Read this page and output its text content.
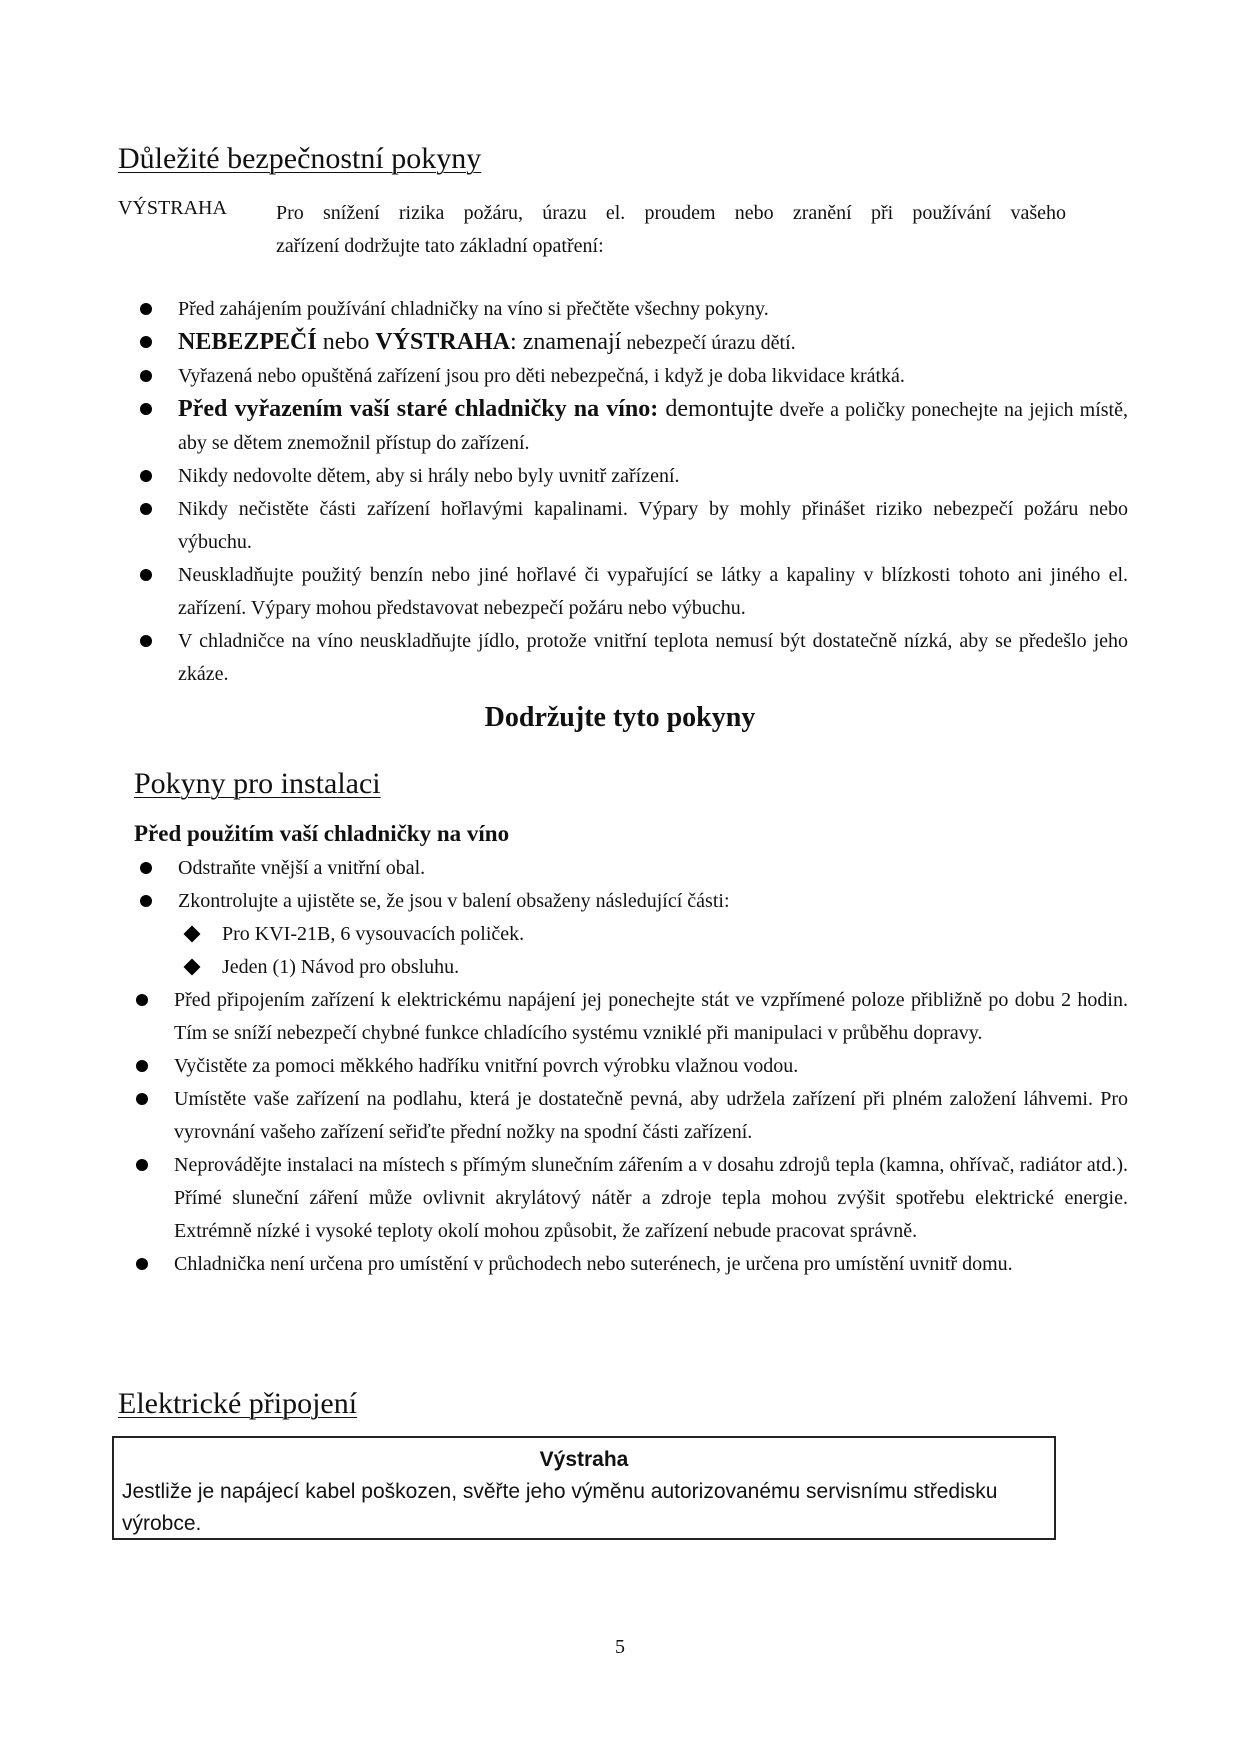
Důležité bezpečnostní pokyny
VÝSTRAHA Pro snížení rizika požáru, úrazu el. proudem nebo zranění při používání vašeho
zařízení dodržujte tato základní opatření:
Před zahájením používání chladničky na víno si přečtěte všechny pokyny.
NEBEZPEČÍ nebo VÝSTRAHA: znamenají nebezpečí úrazu dětí.
Vyřazená nebo opuštěná zařízení jsou pro děti nebezpečná, i když je doba likvidace krátká.
Před vyřazením vaší staré chladničky na víno: demontujte dveře a poličky ponechejte na jejich místě, aby se dětem znemožnil přístup do zařízení.
Nikdy nedovolte dětem, aby si hrály nebo byly uvnitř zařízení.
Nikdy nečistěte části zařízení hořlavými kapalinami. Výpary by mohly přinášet riziko nebezpečí požáru nebo výbuchu.
Neuskladňujte použitý benzín nebo jiné hořlavé či vypařující se látky a kapaliny v blízkosti tohoto ani jiného el. zařízení. Výpary mohou představovat nebezpečí požáru nebo výbuchu.
V chladničce na víno neuskladňujte jídlo, protože vnitřní teplota nemusí být dostatečně nízká, aby se předešlo jeho zkáze.
Dodržujte tyto pokyny
Pokyny pro instalaci
Před použitím vaší chladničky na víno
Odstraňte vnější a vnitřní obal.
Zkontrolujte a ujistěte se, že jsou v balení obsaženy následující části:
Pro KVI-21B, 6 vysouvacích poliček.
Jeden (1) Návod pro obsluhu.
Před připojením zařízení k elektrickému napájení jej ponechejte stát ve vzpřímené poloze přibližně po dobu 2 hodin. Tím se sníží nebezpečí chybné funkce chladícího systému vzniklé při manipulaci v průběhu dopravy.
Vyčistěte za pomoci měkkého hadříku vnitřní povrch výrobku vlažnou vodou.
Umístěte vaše zařízení na podlahu, která je dostatečně pevná, aby udržela zařízení při plném založení láhvemi. Pro vyrovnání vašeho zařízení seřiďte přední nožky na spodní části zařízení.
Neprovádějte instalaci na místech s přímým slunečním zářením a v dosahu zdrojů tepla (kamna, ohřívač, radiátor atd.). Přímé sluneční záření může ovlivnit akrylátový nátěr a zdroje tepla mohou zvýšit spotřebu elektrické energie. Extrémně nízké i vysoké teploty okolí mohou způsobit, že zařízení nebude pracovat správně.
Chladnička není určena pro umístění v průchodech nebo suterénech, je určena pro umístění uvnitř domu.
Elektrické připojení
Výstraha
Jestliže je napájecí kabel poškozen, svěřte jeho výměnu autorizovanému servisnímu středisku výrobce.
5
